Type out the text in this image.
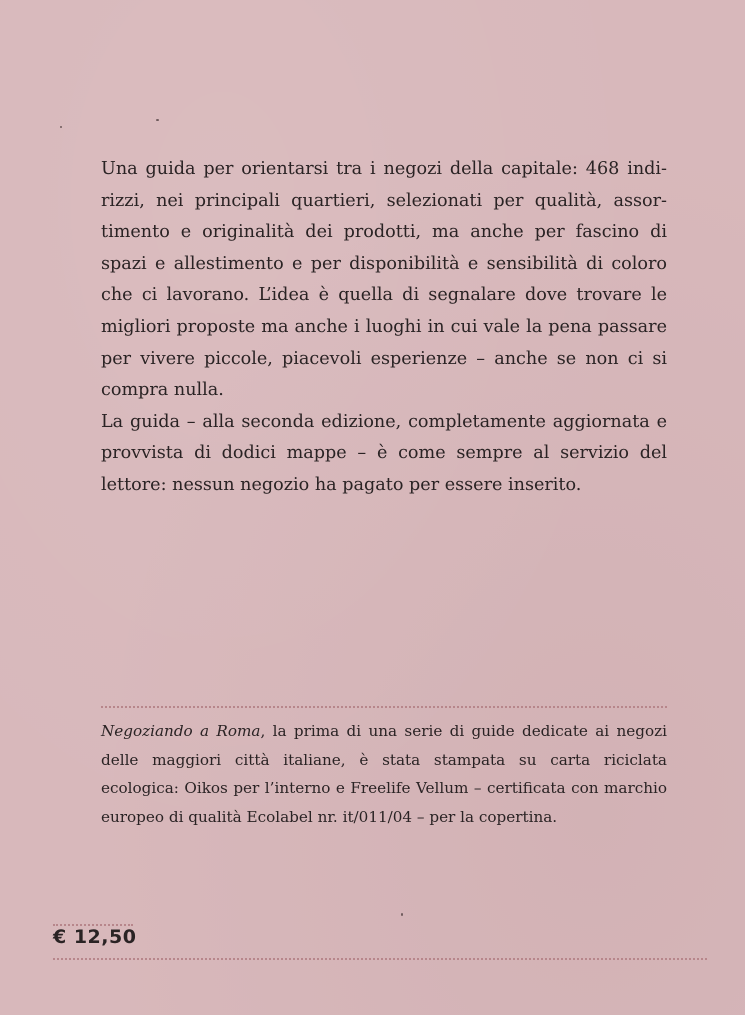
Una guida per orientarsi tra i negozi della capitale: 468 indirizzi, nei principali quartieri, selezionati per qualità, assortimento e originalità dei prodotti, ma anche per fascino di spazi e allestimento e per disponibilità e sensibilità di coloro che ci lavorano. L’idea è quella di segnalare dove trovare le migliori proposte ma anche i luoghi in cui vale la pena passare per vivere piccole, piacevoli esperienze – anche se non ci si compra nulla.

La guida – alla seconda edizione, completamente aggiornata e provvista di dodici mappe – è come sempre al servizio del lettore: nessun negozio ha pagato per essere inserito.

Negoziando a Roma, la prima di una serie di guide dedicate ai negozi delle maggiori città italiane, è stata stampata su carta riciclata ecologica: Oikos per l’interno e Freelife Vellum – certificata con marchio europeo di qualità Ecolabel nr. it/011/04 – per la copertina.

€ 12,50
